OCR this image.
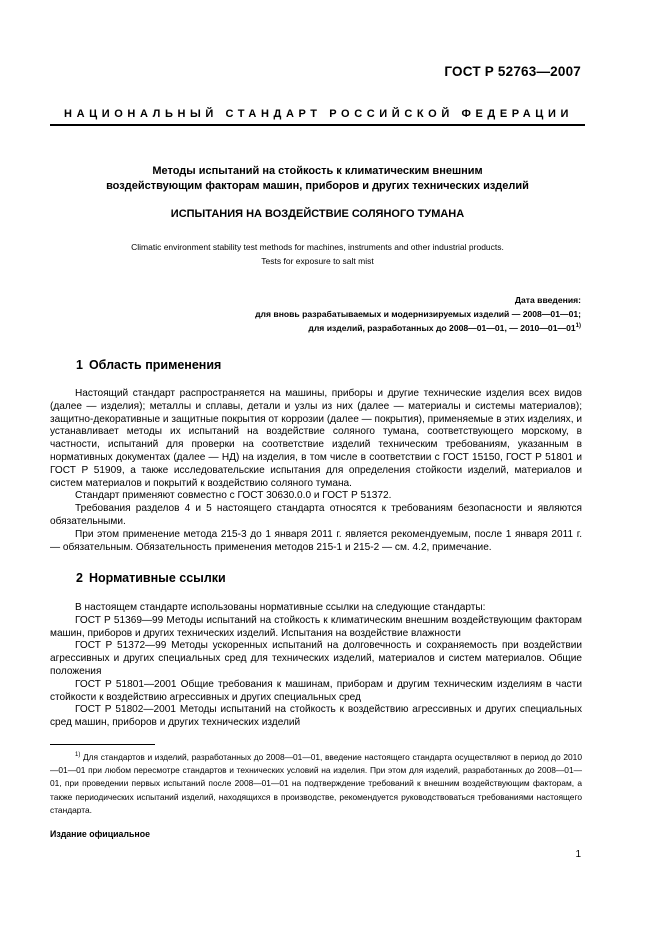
ГОСТ Р 52763—2007
НАЦИОНАЛЬНЫЙ СТАНДАРТ РОССИЙСКОЙ ФЕДЕРАЦИИ
Методы испытаний на стойкость к климатическим внешним
воздействующим факторам машин, приборов и других технических изделий
ИСПЫТАНИЯ НА ВОЗДЕЙСТВИЕ СОЛЯНОГО ТУМАНА
Climatic environment stability test methods for machines, instruments and other industrial products.
Tests for exposure to salt mist
Дата введения:
для вновь разрабатываемых и модернизируемых изделий — 2008—01—01;
для изделий, разработанных до 2008—01—01, — 2010—01—01$^{1)}$
1 Область применения

Настоящий стандарт распространяется на машины, приборы и другие технические изделия всех видов (далее — изделия); металлы и сплавы, детали и узлы из них (далее — материалы и системы материалов); защитно-декоративные и защитные покрытия от коррозии (далее — покрытия), применяемые в этих изделиях, и устанавливает методы их испытаний на воздействие соляного тумана, соответствующего морскому, в частности, испытаний для проверки на соответствие изделий техническим требованиям, указанным в нормативных документах (далее — НД) на изделия, в том числе в соответствии с ГОСТ 15150, ГОСТ Р 51801 и ГОСТ Р 51909, а также исследовательские испытания для определения стойкости изделий, материалов и систем материалов и покрытий к воздействию соляного тумана.

Стандарт применяют совместно с ГОСТ 30630.0.0 и ГОСТ Р 51372.

Требования разделов 4 и 5 настоящего стандарта относятся к требованиям безопасности и являются обязательными.

При этом применение метода 215-3 до 1 января 2011 г. является рекомендуемым, после 1 января 2011 г. — обязательным. Обязательность применения методов 215-1 и 215-2 — см. 4.2, примечание.

2 Нормативные ссылки

В настоящем стандарте использованы нормативные ссылки на следующие стандарты:

ГОСТ Р 51369—99 Методы испытаний на стойкость к климатическим внешним воздействующим факторам машин, приборов и других технических изделий. Испытания на воздействие влажности

ГОСТ Р 51372—99 Методы ускоренных испытаний на долговечность и сохраняемость при воздействии агрессивных и других специальных сред для технических изделий, материалов и систем материалов. Общие положения

ГОСТ Р 51801—2001 Общие требования к машинам, приборам и другим техническим изделиям в части стойкости к воздействию агрессивных и других специальных сред

ГОСТ Р 51802—2001 Методы испытаний на стойкость к воздействию агрессивных и других специальных сред машин, приборов и других технических изделий

$^{1)}$ Для стандартов и изделий, разработанных до 2008—01—01, введение настоящего стандарта осуществляют в период до 2010—01—01 при любом пересмотре стандартов и технических условий на изделия. При этом для изделий, разработанных до 2008—01—01, при проведении первых испытаний после 2008—01—01 на подтверждение требований к внешним воздействующим факторам, а также периодических испытаний изделий, находящихся в производстве, рекомендуется руководствоваться требованиями настоящего стандарта.

Издание официальное
1
